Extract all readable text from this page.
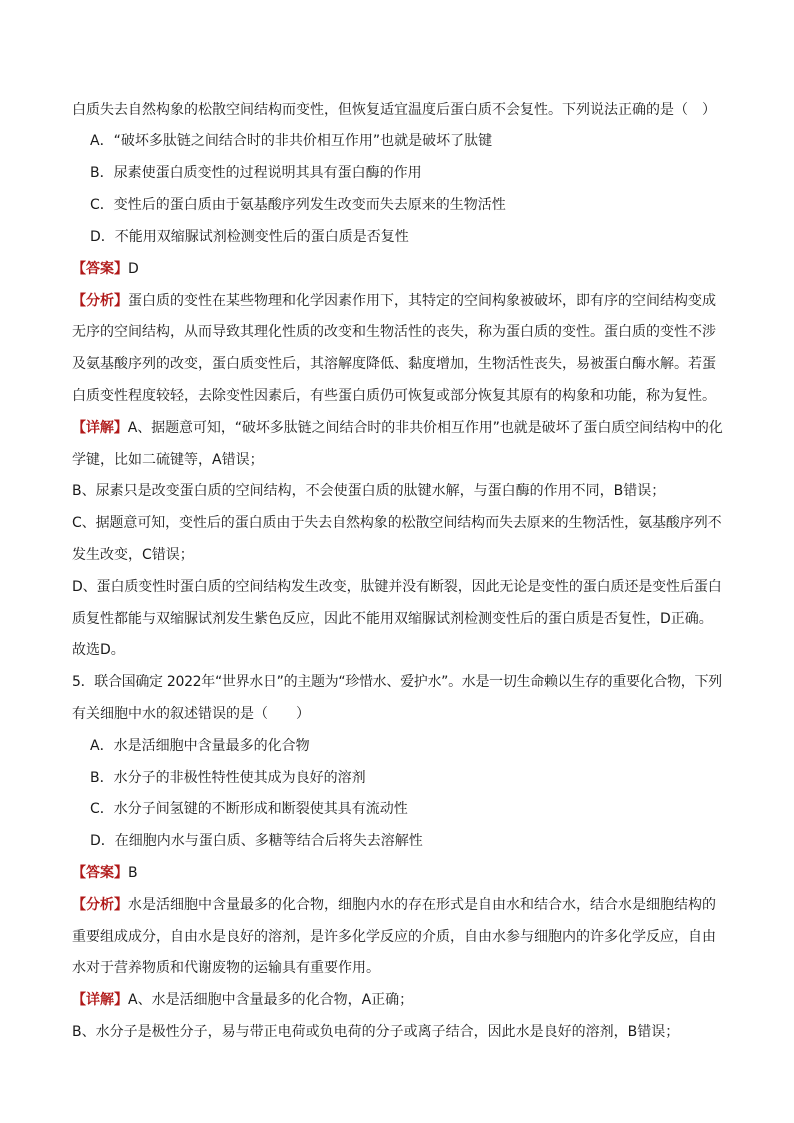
白质失去自然构象的松散空间结构而变性，但恢复适宜温度后蛋白质不会复性。下列说法正确的是（　）
A．“破坏多肽链之间结合时的非共价相互作用”也就是破坏了肽键
B．尿素使蛋白质变性的过程说明其具有蛋白酶的作用
C．变性后的蛋白质由于氨基酸序列发生改变而失去原来的生物活性
D．不能用双缩脲试剂检测变性后的蛋白质是否复性
【答案】D
【分析】蛋白质的变性在某些物理和化学因素作用下，其特定的空间构象被破坏，即有序的空间结构变成
无序的空间结构，从而导致其理化性质的改变和生物活性的丧失，称为蛋白质的变性。蛋白质的变性不涉
及氨基酸序列的改变，蛋白质变性后，其溶解度降低、黏度增加，生物活性丧失，易被蛋白酶水解。若蛋
白质变性程度较轻，去除变性因素后，有些蛋白质仍可恢复或部分恢复其原有的构象和功能，称为复性。
【详解】A、据题意可知，“破坏多肽链之间结合时的非共价相互作用”也就是破坏了蛋白质空间结构中的化
学键，比如二硫键等，A错误；
B、尿素只是改变蛋白质的空间结构，不会使蛋白质的肽键水解，与蛋白酶的作用不同，B错误；
C、据题意可知，变性后的蛋白质由于失去自然构象的松散空间结构而失去原来的生物活性，氨基酸序列不
发生改变，C错误；
D、蛋白质变性时蛋白质的空间结构发生改变，肽键并没有断裂，因此无论是变性的蛋白质还是变性后蛋白
质复性都能与双缩脲试剂发生紫色反应，因此不能用双缩脲试剂检测变性后的蛋白质是否复性，D正确。
故选D。
5．联合国确定 2022年“世界水日”的主题为“珍惜水、爱护水”。水是一切生命赖以生存的重要化合物，下列
有关细胞中水的叙述错误的是（　　）
A．水是活细胞中含量最多的化合物
B．水分子的非极性特性使其成为良好的溶剂
C．水分子间氢键的不断形成和断裂使其具有流动性
D．在细胞内水与蛋白质、多糖等结合后将失去溶解性
【答案】B
【分析】水是活细胞中含量最多的化合物，细胞内水的存在形式是自由水和结合水，结合水是细胞结构的
重要组成成分，自由水是良好的溶剂，是许多化学反应的介质，自由水参与细胞内的许多化学反应，自由
水对于营养物质和代谢废物的运输具有重要作用。
【详解】A、水是活细胞中含量最多的化合物，A正确；
B、水分子是极性分子，易与带正电荷或负电荷的分子或离子结合，因此水是良好的溶剂，B错误；
